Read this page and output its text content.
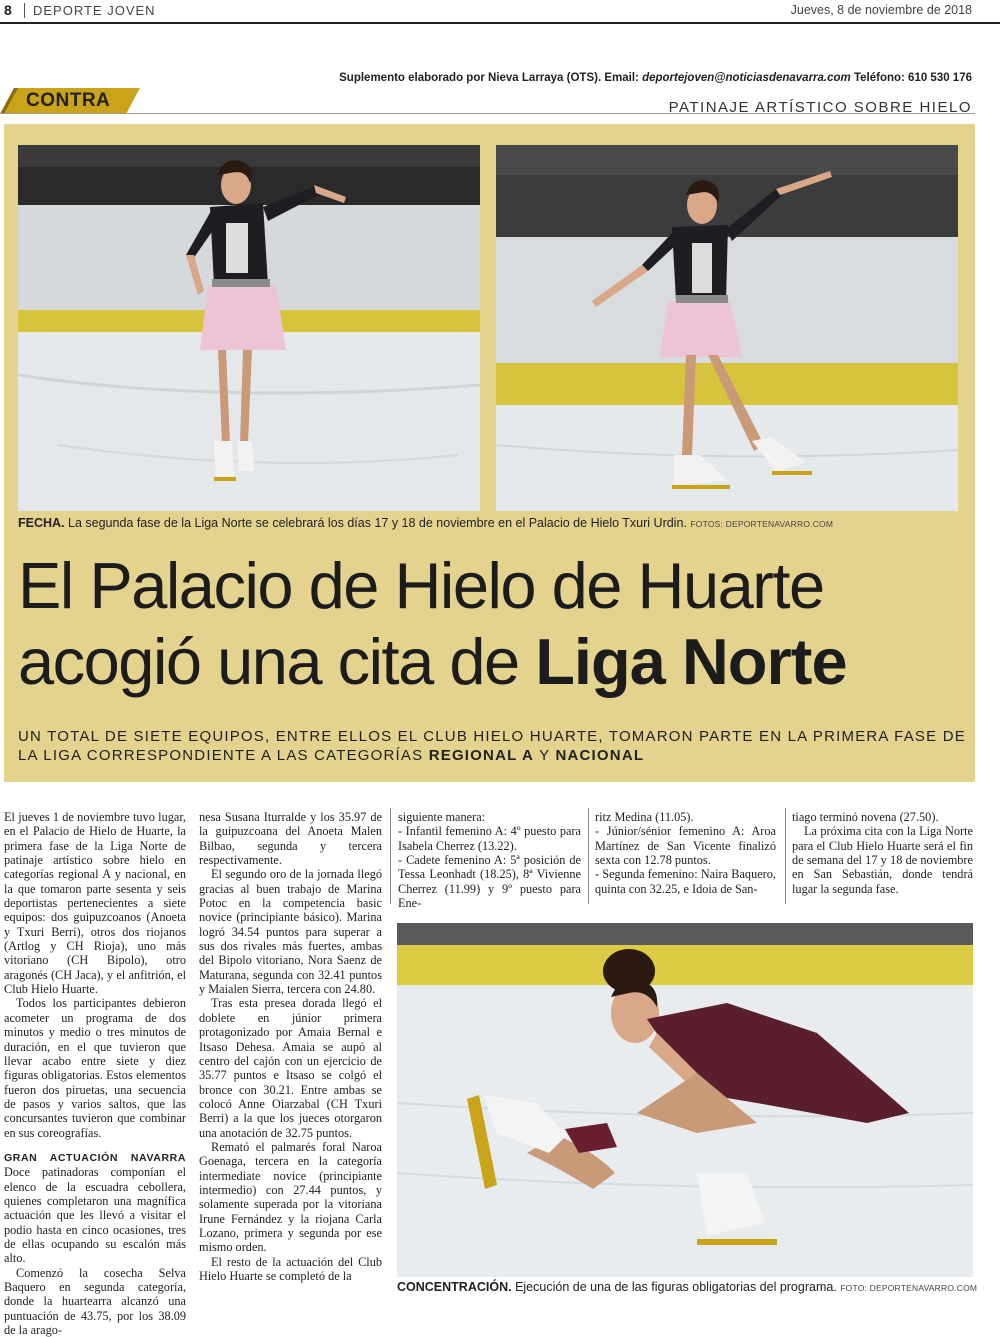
8	DEPORTE JOVEN	Jueves, 8 de noviembre de 2018
Suplemento elaborado por Nieva Larraya (OTS). Email: deportejoven@noticiasdenavarra.com Teléfono: 610 530 176
CONTRA	PATINAJE ARTÍSTICO SOBRE HIELO
FECHA. La segunda fase de la Liga Norte se celebrará los días 17 y 18 de noviembre en el Palacio de Hielo Txuri Urdin. FOTOS: DEPORTENAVARRO.COM
El Palacio de Hielo de Huarte
acogió una cita de Liga Norte
UN TOTAL DE SIETE EQUIPOS, ENTRE ELLOS EL CLUB HIELO HUARTE, TOMARON PARTE EN LA PRIMERA FASE DE LA LIGA CORRESPONDIENTE A LAS CATEGORÍAS REGIONAL A Y NACIONAL

El jueves 1 de noviembre tuvo lugar, en el Palacio de Hielo de Huarte, la primera fase de la Liga Norte de patinaje artístico sobre hielo en categorías regional A y nacional, en la que tomaron parte sesenta y seis deportistas pertenecientes a siete equipos: dos guipuzcoanos (Anoeta y Txuri Berri), otros dos riojanos (Artlog y CH Rioja), uno más vitoriano (CH Bipolo), otro aragonés (CH Jaca), y el anfitrión, el Club Hielo Huarte.

Todos los participantes debieron acometer un programa de dos minutos y medio o tres minutos de duración, en el que tuvieron que llevar acabo entre siete y diez figuras obligatorias. Estos elementos fueron dos piruetas, una secuencia de pasos y varios saltos, que las concursantes tuvieron que combinar en sus coreografías.

GRAN ACTUACIÓN NAVARRA Doce patinadoras componían el elenco de la escuadra cebollera, quienes completaron una magnífica actuación que les llevó a visitar el podio hasta en cinco ocasiones, tres de ellas ocupando su escalón más alto.

Comenzó la cosecha Selva Baquero en segunda categoría, donde la huartearra alcanzó una puntuación de 43.75, por los 38.09 de la arago-

nesa Susana Iturralde y los 35.97 de la guipuzcoana del Anoeta Malen Bilbao, segunda y tercera respectivamente.

El segundo oro de la jornada llegó gracias al buen trabajo de Marina Potoc en la competencia basic novice (principiante básico). Marina logró 34.54 puntos para superar a sus dos rivales más fuertes, ambas del Bipolo vitoriano, Nora Saenz de Maturana, segunda con 32.41 puntos y Maialen Sierra, tercera con 24.80.

Tras esta presea dorada llegó el doblete en júnior primera protagonizado por Amaia Bernal e Itsaso Dehesa. Amaia se aupó al centro del cajón con un ejercicio de 35.77 puntos e Itsaso se colgó el bronce con 30.21. Entre ambas se colocó Anne Oiarzabal (CH Txuri Berri) a la que los jueces otorgaron una anotación de 32.75 puntos.

Remató el palmarés foral Naroa Goenaga, tercera en la categoría intermediate novice (principiante intermedio) con 27.44 puntos, y solamente superada por la vitoriana Irune Fernández y la riojana Carla Lozano, primera y segunda por ese mismo orden.

El resto de la actuación del Club Hielo Huarte se completó de la

siguiente manera:

- Infantil femenino A: 4º puesto para Isabela Cherrez (13.22).

- Cadete femenino A: 5ª posición de Tessa Leonhadt (18.25), 8ª Vivienne Cherrez (11.99) y 9º puesto para Ene-

ritz Medina (11.05).

- Júnior/sénior femenino A: Aroa Martínez de San Vicente finalizó sexta con 12.78 puntos.

- Segunda femenino: Naira Baquero, quinta con 32.25, e Idoia de San-

tiago terminó novena (27.50).

La próxima cita con la Liga Norte para el Club Hielo Huarte será el fin de semana del 17 y 18 de noviembre en San Sebastián, donde tendrá lugar la segunda fase.

CONCENTRACIÓN. Ejecución de una de las figuras obligatorias del programa. FOTO: DEPORTENAVARRO.COM
